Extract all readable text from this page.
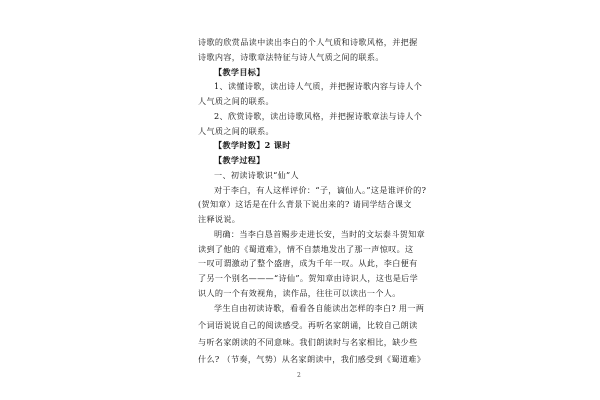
诗歌的欣赏品读中读出李白的个人气质和诗歌风格，并把握
诗歌内容，诗歌章法特征与诗人气质之间的联系。
【教学目标】
1、读懂诗歌，读出诗人气质，并把握诗歌内容与诗人个
人气质之间的联系。
2、欣赏诗歌，读出诗歌风格，并把握诗歌章法与诗人个
人气质之间的联系。
【教学时数】2 课时
【教学过程】
一、初读诗歌识“仙”人
对于李白，有人这样评价：“子，谪仙人。”这是谁评价的?
(贺知章）这话是在什么背景下说出来的? 请同学结合课文
注释说说。
明确：当李白恳首赐步走进长安，当时的文坛泰斗贺知章
读到了他的《蜀道难》，情不自禁地发出了那一声惊叹。这
一叹可谓激动了整个盛唐，成为千年一叹。从此，李白便有
了另一个别名———“诗仙”。贺知章由诗识人，这也是后学
识人的一个有效视角，读作品，往往可以读出一个人。
学生自由初读诗歌，看看各自能读出怎样的李白? 用一两
个词语说说自己的阅读感受。再听名家朗诵，比较自己朗读
与听名家朗读的不同意味。我们朗读时与名家相比，缺少些
什么? （节奏，气势）从名家朗读中，我们感受到《蜀道难》
2
